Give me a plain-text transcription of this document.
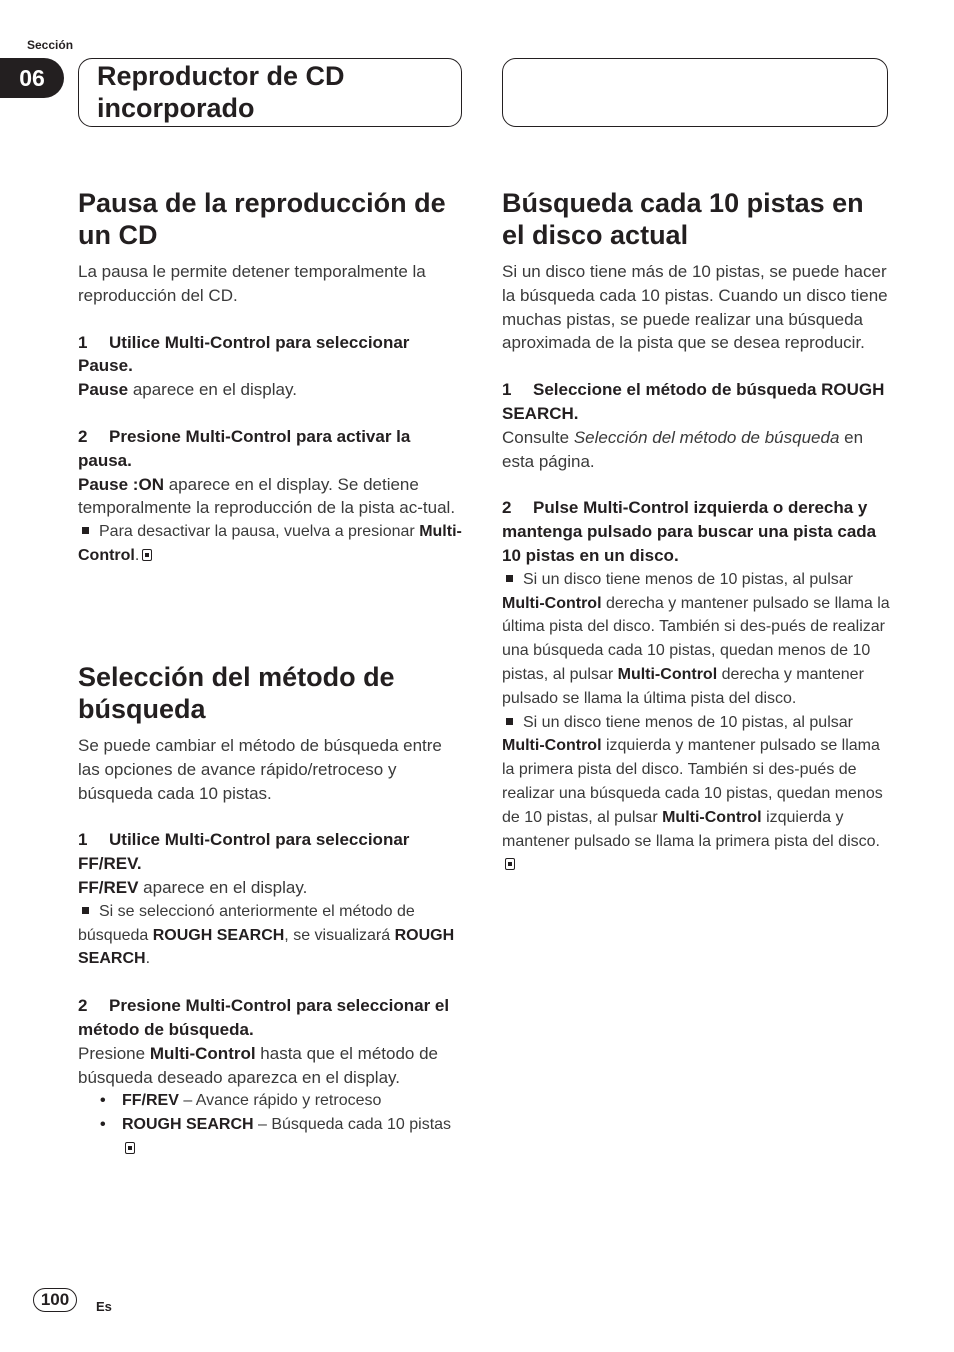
Sección
06	Reproductor de CD incorporado
Pausa de la reproducción de un CD

La pausa le permite detener temporalmente la reproducción del CD.

1 Utilice Multi-Control para seleccionar Pause.

Pause aparece en el display.

2 Presione Multi-Control para activar la pausa.

Pause :ON aparece en el display. Se detiene temporalmente la reproducción de la pista ac-tual.

Para desactivar la pausa, vuelva a presionar Multi-Control.

Selección del método de búsqueda

Se puede cambiar el método de búsqueda entre las opciones de avance rápido/retroceso y búsqueda cada 10 pistas.

1 Utilice Multi-Control para seleccionar FF/REV.

FF/REV aparece en el display.

Si se seleccionó anteriormente el método de búsqueda ROUGH SEARCH, se visualizará ROUGH SEARCH.

2 Presione Multi-Control para seleccionar el método de búsqueda.

Presione Multi-Control hasta que el método de búsqueda deseado aparezca en el display.

• FF/REV – Avance rápido y retroceso
• ROUGH SEARCH – Búsqueda cada 10 pistas
Búsqueda cada 10 pistas en el disco actual

Si un disco tiene más de 10 pistas, se puede hacer la búsqueda cada 10 pistas. Cuando un disco tiene muchas pistas, se puede realizar una búsqueda aproximada de la pista que se desea reproducir.

1 Seleccione el método de búsqueda ROUGH SEARCH.

Consulte Selección del método de búsqueda en esta página.

2 Pulse Multi-Control izquierda o derecha y mantenga pulsado para buscar una pista cada 10 pistas en un disco.

Si un disco tiene menos de 10 pistas, al pulsar Multi-Control derecha y mantener pulsado se llama la última pista del disco. También si des-pués de realizar una búsqueda cada 10 pistas, quedan menos de 10 pistas, al pulsar Multi-Control derecha y mantener pulsado se llama la última pista del disco.

Si un disco tiene menos de 10 pistas, al pulsar Multi-Control izquierda y mantener pulsado se llama la primera pista del disco. También si des-pués de realizar una búsqueda cada 10 pistas, quedan menos de 10 pistas, al pulsar Multi-Control izquierda y mantener pulsado se llama la primera pista del disco.

100	Es
